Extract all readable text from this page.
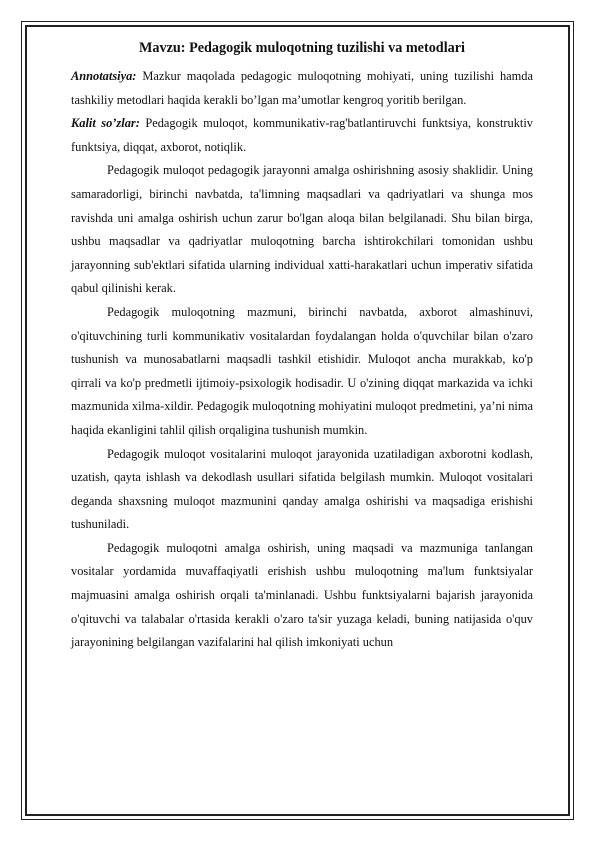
Mavzu: Pedagogik muloqotning tuzilishi va metodlari

Annotatsiya: Mazkur maqolada pedagogic muloqotning mohiyati, uning tuzilishi hamda tashkiliy metodlari haqida kerakli bo’lgan ma’umotlar kengroq yoritib berilgan.

Kalit so’zlar: Pedagogik muloqot, kommunikativ-rag'batlantiruvchi funktsiya, konstruktiv funktsiya, diqqat, axborot, notiqlik.

Pedagogik muloqot pedagogik jarayonni amalga oshirishning asosiy shaklidir. Uning samaradorligi, birinchi navbatda, ta'limning maqsadlari va qadriyatlari va shunga mos ravishda uni amalga oshirish uchun zarur bo'lgan aloqa bilan belgilanadi. Shu bilan birga, ushbu maqsadlar va qadriyatlar muloqotning barcha ishtirokchilari tomonidan ushbu jarayonning sub'ektlari sifatida ularning individual xatti-harakatlari uchun imperativ sifatida qabul qilinishi kerak.

Pedagogik muloqotning mazmuni, birinchi navbatda, axborot almashinuvi, o'qituvchining turli kommunikativ vositalardan foydalangan holda o'quvchilar bilan o'zaro tushunish va munosabatlarni maqsadli tashkil etishidir. Muloqot ancha murakkab, ko'p qirrali va ko'p predmetli ijtimoiy-psixologik hodisadir. U o'zining diqqat markazida va ichki mazmunida xilma-xildir. Pedagogik muloqotning mohiyatini muloqot predmetini, ya’ni nima haqida ekanligini tahlil qilish orqaligina tushunish mumkin.

Pedagogik muloqot vositalarini muloqot jarayonida uzatiladigan axborotni kodlash, uzatish, qayta ishlash va dekodlash usullari sifatida belgilash mumkin. Muloqot vositalari deganda shaxsning muloqot mazmunini qanday amalga oshirishi va maqsadiga erishishi tushuniladi.

Pedagogik muloqotni amalga oshirish, uning maqsadi va mazmuniga tanlangan vositalar yordamida muvaffaqiyatli erishish ushbu muloqotning ma'lum funktsiyalar majmuasini amalga oshirish orqali ta'minlanadi. Ushbu funktsiyalarni bajarish jarayonida o'qituvchi va talabalar o'rtasida kerakli o'zaro ta'sir yuzaga keladi, buning natijasida o'quv jarayonining belgilangan vazifalarini hal qilish imkoniyati uchun
